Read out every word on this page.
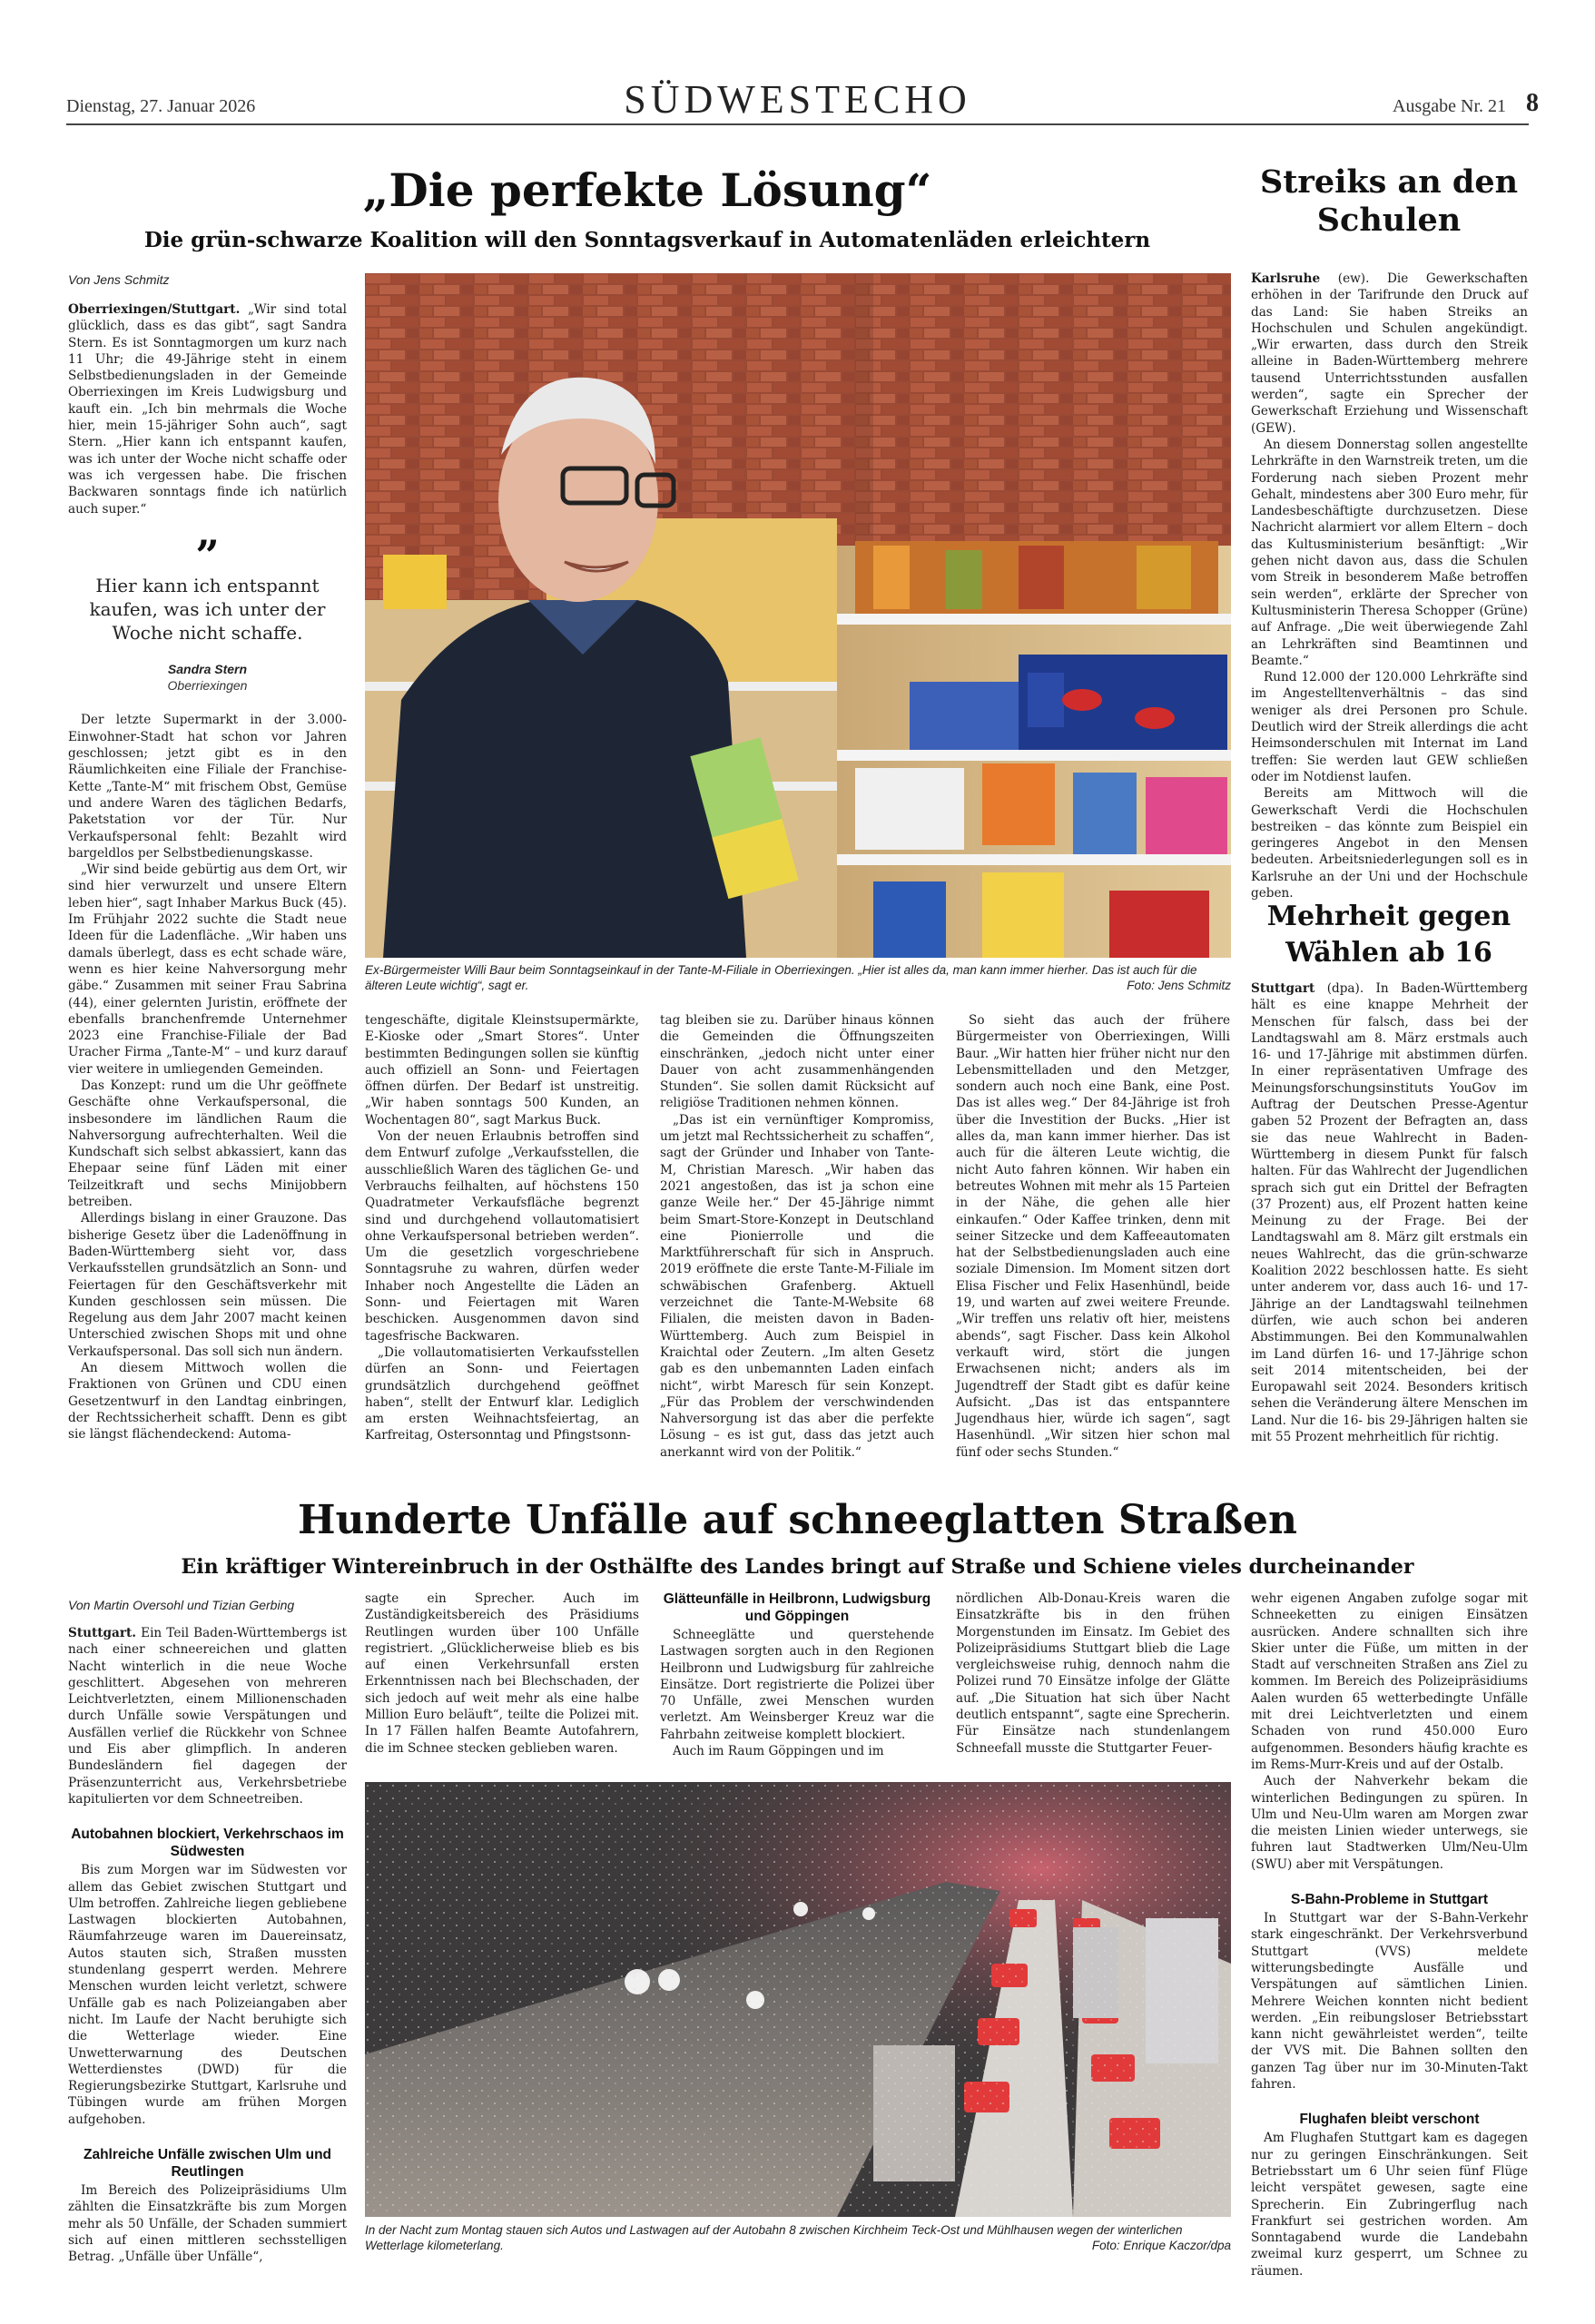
Dienstag, 27. Januar 2026	SÜDWESTECHO	Ausgabe Nr. 21 8
„Die perfekte Lösung“
Die grün-schwarze Koalition will den Sonntagsverkauf in Automatenläden erleichtern
Von Jens Schmitz

Oberriexingen/Stuttgart. „Wir sind total glücklich, dass es das gibt“, sagt Sandra Stern. Es ist Sonntagmorgen um kurz nach 11 Uhr; die 49-Jährige steht in einem Selbstbedienungsladen in der Gemeinde Oberriexingen im Kreis Ludwigsburg und kauft ein. „Ich bin mehrmals die Woche hier, mein 15-jähriger Sohn auch“, sagt Stern. „Hier kann ich entspannt kaufen, was ich unter der Woche nicht schaffe oder was ich vergessen habe. Die frischen Backwaren sonntags finde ich natürlich auch super.“

”
Hier kann ich entspannt kaufen, was ich unter der Woche nicht schaffe.
Sandra Stern
Oberriexingen

Der letzte Supermarkt in der 3.000-Einwohner-Stadt hat schon vor Jahren geschlossen; jetzt gibt es in den Räumlichkeiten eine Filiale der Franchise-Kette „Tante-M“ mit frischem Obst, Gemüse und andere Waren des täglichen Bedarfs, Paketstation vor der Tür. Nur Verkaufspersonal fehlt: Bezahlt wird bargeldlos per Selbstbedienungskasse.

„Wir sind beide gebürtig aus dem Ort, wir sind hier verwurzelt und unsere Eltern leben hier“, sagt Inhaber Markus Buck (45). Im Frühjahr 2022 suchte die Stadt neue Ideen für die Ladenfläche. „Wir haben uns damals überlegt, dass es echt schade wäre, wenn es hier keine Nahversorgung mehr gäbe.“ Zusammen mit seiner Frau Sabrina (44), einer gelernten Juristin, eröffnete der ebenfalls branchenfremde Unternehmer 2023 eine Franchise-Filiale der Bad Uracher Firma „Tante-M“ – und kurz darauf vier weitere in umliegenden Gemeinden.

Das Konzept: rund um die Uhr geöffnete Geschäfte ohne Verkaufspersonal, die insbesondere im ländlichen Raum die Nahversorgung aufrechterhalten. Weil die Kundschaft sich selbst abkassiert, kann das Ehepaar seine fünf Läden mit einer Teilzeitkraft und sechs Minijobbern betreiben.

Allerdings bislang in einer Grauzone. Das bisherige Gesetz über die Ladenöffnung in Baden-Württemberg sieht vor, dass Verkaufsstellen grundsätzlich an Sonn- und Feiertagen für den Geschäftsverkehr mit Kunden geschlossen sein müssen. Die Regelung aus dem Jahr 2007 macht keinen Unterschied zwischen Shops mit und ohne Verkaufspersonal. Das soll sich nun ändern.

An diesem Mittwoch wollen die Fraktionen von Grünen und CDU einen Gesetzentwurf in den Landtag einbringen, der Rechtssicherheit schafft. Denn es gibt sie längst flächendeckend: Automa-

Ex-Bürgermeister Willi Baur beim Sonntagseinkauf in der Tante-M-Filiale in Oberriexingen. „Hier ist alles da, man kann immer hierher. Das ist auch für die älteren Leute wichtig“, sagt er.	Foto: Jens Schmitz

tengeschäfte, digitale Kleinstsupermärkte, E-Kioske oder „Smart Stores“. Unter bestimmten Bedingungen sollen sie künftig auch offiziell an Sonn- und Feiertagen öffnen dürfen. Der Bedarf ist unstreitig. „Wir haben sonntags 500 Kunden, an Wochentagen 80“, sagt Markus Buck.

Von der neuen Erlaubnis betroffen sind dem Entwurf zufolge „Verkaufsstellen, die ausschließlich Waren des täglichen Ge- und Verbrauchs feilhalten, auf höchstens 150 Quadratmeter Verkaufsfläche begrenzt sind und durchgehend vollautomatisiert ohne Verkaufspersonal betrieben werden“. Um die gesetzlich vorgeschriebene Sonntagsruhe zu wahren, dürfen weder Inhaber noch Angestellte die Läden an Sonn- und Feiertagen mit Waren beschicken. Ausgenommen davon sind tagesfrische Backwaren.

„Die vollautomatisierten Verkaufsstellen dürfen an Sonn- und Feiertagen grundsätzlich durchgehend geöffnet haben“, stellt der Entwurf klar. Lediglich am ersten Weihnachtsfeiertag, an Karfreitag, Ostersonntag und Pfingstsonn-

tag bleiben sie zu. Darüber hinaus können die Gemeinden die Öffnungszeiten einschränken, „jedoch nicht unter einer Dauer von acht zusammenhängenden Stunden“. Sie sollen damit Rücksicht auf religiöse Traditionen nehmen können.

„Das ist ein vernünftiger Kompromiss, um jetzt mal Rechtssicherheit zu schaffen“, sagt der Gründer und Inhaber von Tante-M, Christian Maresch. „Wir haben das 2021 angestoßen, das ist ja schon eine ganze Weile her.“ Der 45-Jährige nimmt beim Smart-Store-Konzept in Deutschland eine Pionierrolle und die Marktführerschaft für sich in Anspruch. 2019 eröffnete die erste Tante-M-Filiale im schwäbischen Grafenberg. Aktuell verzeichnet die Tante-M-Website 68 Filialen, die meisten davon in Baden-Württemberg. Auch zum Beispiel in Kraichtal oder Zeutern. „Im alten Gesetz gab es den unbemannten Laden einfach nicht“, wirbt Maresch für sein Konzept. „Für das Problem der verschwindenden Nahversorgung ist das aber die perfekte Lösung – es ist gut, dass das jetzt auch anerkannt wird von der Politik.“

So sieht das auch der frühere Bürgermeister von Oberriexingen, Willi Baur. „Wir hatten hier früher nicht nur den Lebensmittelladen und den Metzger, sondern auch noch eine Bank, eine Post. Das ist alles weg.“ Der 84-Jährige ist froh über die Investition der Bucks. „Hier ist alles da, man kann immer hierher. Das ist auch für die älteren Leute wichtig, die nicht Auto fahren können. Wir haben ein betreutes Wohnen mit mehr als 15 Parteien in der Nähe, die gehen alle hier einkaufen.“ Oder Kaffee trinken, denn mit seiner Sitzecke und dem Kaffeeautomaten hat der Selbstbedienungsladen auch eine soziale Dimension. Im Moment sitzen dort Elisa Fischer und Felix Hasenhündl, beide 19, und warten auf zwei weitere Freunde. „Wir treffen uns relativ oft hier, meistens abends“, sagt Fischer. Dass kein Alkohol verkauft wird, stört die jungen Erwachsenen nicht; anders als im Jugendtreff der Stadt gibt es dafür keine Aufsicht. „Das ist das entspanntere Jugendhaus hier, würde ich sagen“, sagt Hasenhündl. „Wir sitzen hier schon mal fünf oder sechs Stunden.“

Streiks an den Schulen

Karlsruhe (ew). Die Gewerkschaften erhöhen in der Tarifrunde den Druck auf das Land: Sie haben Streiks an Hochschulen und Schulen angekündigt. „Wir erwarten, dass durch den Streik alleine in Baden-Württemberg mehrere tausend Unterrichtsstunden ausfallen werden“, sagte ein Sprecher der Gewerkschaft Erziehung und Wissenschaft (GEW).

An diesem Donnerstag sollen angestellte Lehrkräfte in den Warnstreik treten, um die Forderung nach sieben Prozent mehr Gehalt, mindestens aber 300 Euro mehr, für Landesbeschäftigte durchzusetzen. Diese Nachricht alarmiert vor allem Eltern – doch das Kultusministerium besänftigt: „Wir gehen nicht davon aus, dass die Schulen vom Streik in besonderem Maße betroffen sein werden“, erklärte der Sprecher von Kultusministerin Theresa Schopper (Grüne) auf Anfrage. „Die weit überwiegende Zahl an Lehrkräften sind Beamtinnen und Beamte.“

Rund 12.000 der 120.000 Lehrkräfte sind im Angestelltenverhältnis – das sind weniger als drei Personen pro Schule. Deutlich wird der Streik allerdings die acht Heimsonderschulen mit Internat im Land treffen: Sie werden laut GEW schließen oder im Notdienst laufen.

Bereits am Mittwoch will die Gewerkschaft Verdi die Hochschulen bestreiken – das könnte zum Beispiel ein geringeres Angebot in den Mensen bedeuten. Arbeitsniederlegungen soll es in Karlsruhe an der Uni und der Hochschule geben.

Mehrheit gegen Wählen ab 16

Stuttgart (dpa). In Baden-Württemberg hält es eine knappe Mehrheit der Menschen für falsch, dass bei der Landtagswahl am 8. März erstmals auch 16- und 17-Jährige mit abstimmen dürfen. In einer repräsentativen Umfrage des Meinungsforschungsinstituts YouGov im Auftrag der Deutschen Presse-Agentur gaben 52 Prozent der Befragten an, dass sie das neue Wahlrecht in Baden-Württemberg in diesem Punkt für falsch halten. Für das Wahlrecht der Jugendlichen sprach sich gut ein Drittel der Befragten (37 Prozent) aus, elf Prozent hatten keine Meinung zu der Frage. Bei der Landtagswahl am 8. März gilt erstmals ein neues Wahlrecht, das die grün-schwarze Koalition 2022 beschlossen hatte. Es sieht unter anderem vor, dass auch 16- und 17-Jährige an der Landtagswahl teilnehmen dürfen, wie auch schon bei anderen Abstimmungen. Bei den Kommunalwahlen im Land dürfen 16- und 17-Jährige schon seit 2014 mitentscheiden, bei der Europawahl seit 2024. Besonders kritisch sehen die Veränderung ältere Menschen im Land. Nur die 16- bis 29-Jährigen halten sie mit 55 Prozent mehrheitlich für richtig.

Hunderte Unfälle auf schneeglatten Straßen
Ein kräftiger Wintereinbruch in der Osthälfte des Landes bringt auf Straße und Schiene vieles durcheinander
Von Martin Oversohl und Tizian Gerbing

Stuttgart. Ein Teil Baden-Württembergs ist nach einer schneereichen und glatten Nacht winterlich in die neue Woche geschlittert. Abgesehen von mehreren Leichtverletzten, einem Millionenschaden durch Unfälle sowie Verspätungen und Ausfällen verlief die Rückkehr von Schnee und Eis aber glimpflich. In anderen Bundesländern fiel dagegen der Präsenzunterricht aus, Verkehrsbetriebe kapitulierten vor dem Schneetreiben.

Autobahnen blockiert, Verkehrschaos im Südwesten

Bis zum Morgen war im Südwesten vor allem das Gebiet zwischen Stuttgart und Ulm betroffen. Zahlreiche liegen gebliebene Lastwagen blockierten Autobahnen, Räumfahrzeuge waren im Dauereinsatz, Autos stauten sich, Straßen mussten stundenlang gesperrt werden. Mehrere Menschen wurden leicht verletzt, schwere Unfälle gab es nach Polizeiangaben aber nicht. Im Laufe der Nacht beruhigte sich die Wetterlage wieder. Eine Unwetterwarnung des Deutschen Wetterdienstes (DWD) für die Regierungsbezirke Stuttgart, Karlsruhe und Tübingen wurde am frühen Morgen aufgehoben.

Zahlreiche Unfälle zwischen Ulm und Reutlingen

Im Bereich des Polizeipräsidiums Ulm zählten die Einsatzkräfte bis zum Morgen mehr als 50 Unfälle, der Schaden summiert sich auf einen mittleren sechsstelligen Betrag. „Unfälle über Unfälle“,

sagte ein Sprecher. Auch im Zuständigkeitsbereich des Präsidiums Reutlingen wurden über 100 Unfälle registriert. „Glücklicherweise blieb es bis auf einen Verkehrsunfall ersten Erkenntnissen nach bei Blechschaden, der sich jedoch auf weit mehr als eine halbe Million Euro beläuft“, teilte die Polizei mit. In 17 Fällen halfen Beamte Autofahrern, die im Schnee stecken geblieben waren.

Glätteunfälle in Heilbronn, Ludwigsburg und Göppingen

Schneeglätte und querstehende Lastwagen sorgten auch in den Regionen Heilbronn und Ludwigsburg für zahlreiche Einsätze. Dort registrierte die Polizei über 70 Unfälle, zwei Menschen wurden verletzt. Am Weinsberger Kreuz war die Fahrbahn zeitweise komplett blockiert.

Auch im Raum Göppingen und im

nördlichen Alb-Donau-Kreis waren die Einsatzkräfte bis in den frühen Morgenstunden im Einsatz. Im Gebiet des Polizeipräsidiums Stuttgart blieb die Lage vergleichsweise ruhig, dennoch nahm die Polizei rund 70 Einsätze infolge der Glätte auf. „Die Situation hat sich über Nacht deutlich entspannt“, sagte eine Sprecherin. Für Einsätze nach stundenlangem Schneefall musste die Stuttgarter Feuer-

wehr eigenen Angaben zufolge sogar mit Schneeketten zu einigen Einsätzen ausrücken. Andere schnallten sich ihre Skier unter die Füße, um mitten in der Stadt auf verschneiten Straßen ans Ziel zu kommen. Im Bereich des Polizeipräsidiums Aalen wurden 65 wetterbedingte Unfälle mit drei Leichtverletzten und einem Schaden von rund 450.000 Euro aufgenommen. Besonders häufig krachte es im Rems-Murr-Kreis und auf der Ostalb.

Auch der Nahverkehr bekam die winterlichen Bedingungen zu spüren. In Ulm und Neu-Ulm waren am Morgen zwar die meisten Linien wieder unterwegs, sie fuhren laut Stadtwerken Ulm/Neu-Ulm (SWU) aber mit Verspätungen.

S-Bahn-Probleme in Stuttgart

In Stuttgart war der S-Bahn-Verkehr stark eingeschränkt. Der Verkehrsverbund Stuttgart (VVS) meldete witterungsbedingte Ausfälle und Verspätungen auf sämtlichen Linien. Mehrere Weichen konnten nicht bedient werden. „Ein reibungsloser Betriebsstart kann nicht gewährleistet werden“, teilte der VVS mit. Die Bahnen sollten den ganzen Tag über nur im 30-Minuten-Takt fahren.

Flughafen bleibt verschont

Am Flughafen Stuttgart kam es dagegen nur zu geringen Einschränkungen. Seit Betriebsstart um 6 Uhr seien fünf Flüge leicht verspätet gewesen, sagte eine Sprecherin. Ein Zubringerflug nach Frankfurt sei gestrichen worden. Am Sonntagabend wurde die Landebahn zweimal kurz gesperrt, um Schnee zu räumen.

In der Nacht zum Montag stauen sich Autos und Lastwagen auf der Autobahn 8 zwischen Kirchheim Teck-Ost und Mühlhausen wegen der winterlichen Wetterlage kilometerlang.	Foto: Enrique Kaczor/dpa
